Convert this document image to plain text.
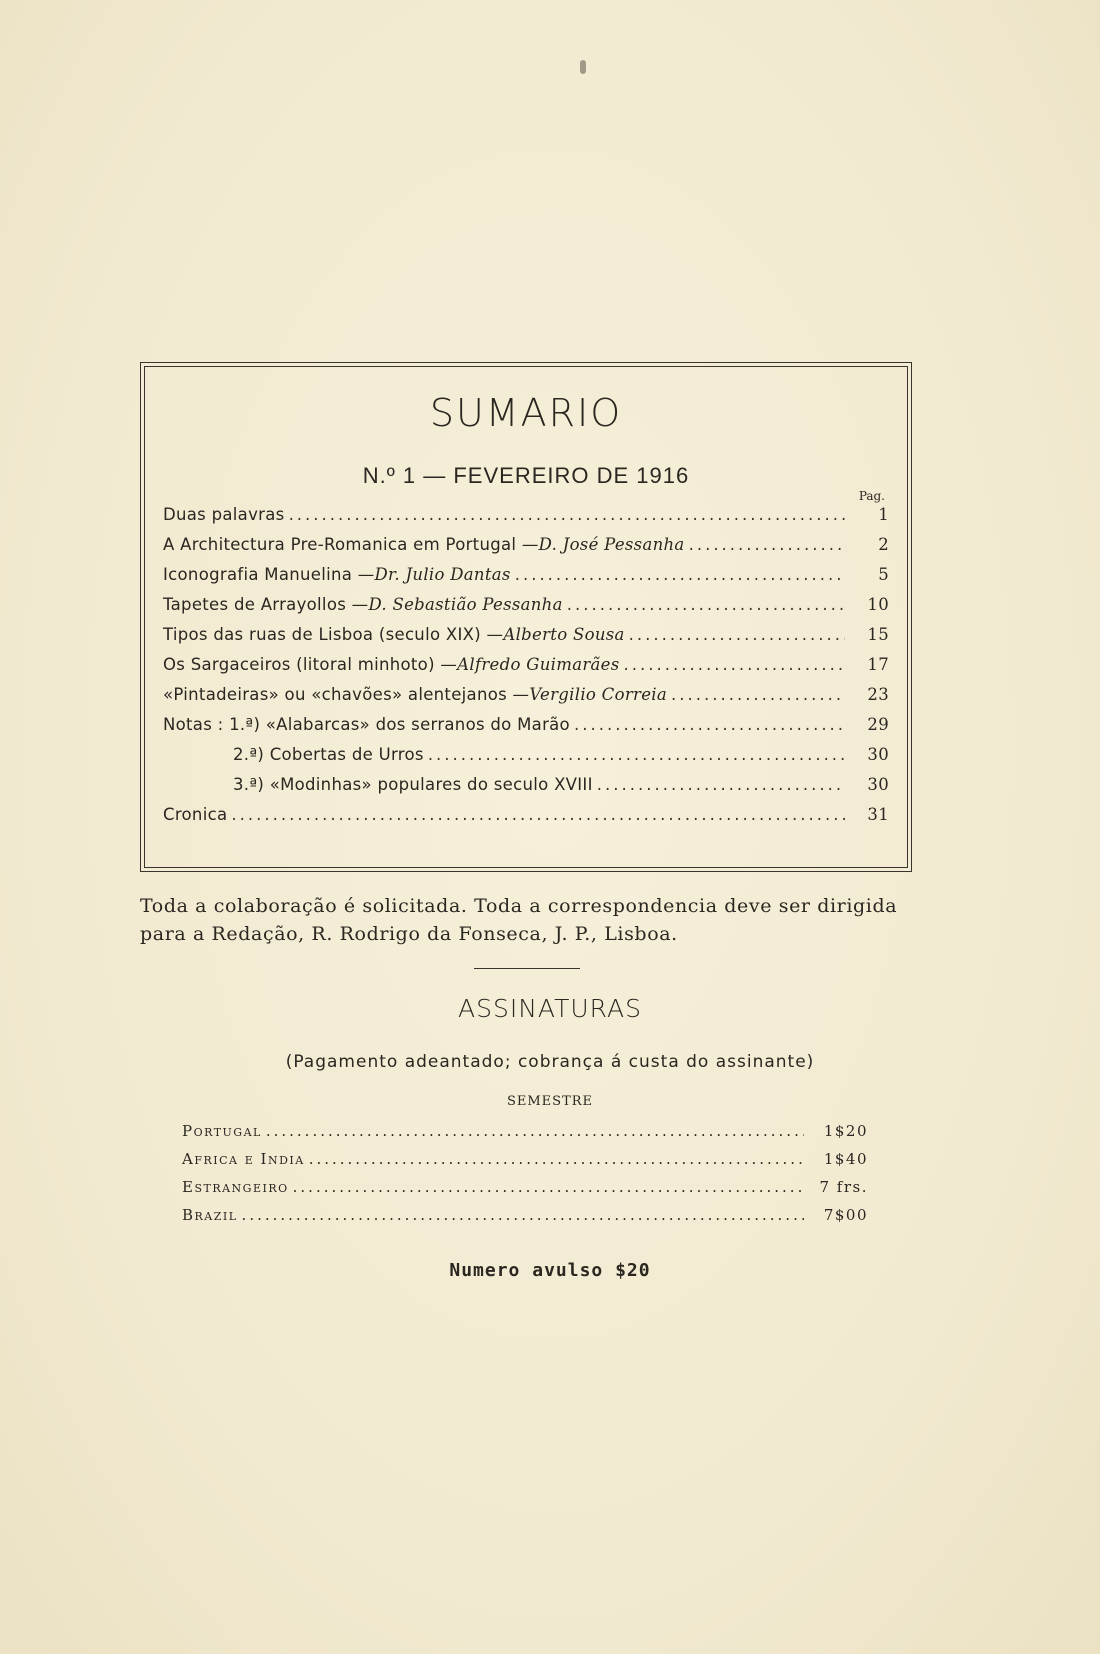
SUMARIO
N.º 1 — FEVEREIRO DE 1916
Pag.
Duas palavras .....	1
A Architectura Pre-Romanica em Portugal — D. José Pessanha .....	2
Iconografia Manuelina — Dr. Julio Dantas .....	5
Tapetes de Arrayollos — D. Sebastião Pessanha .....	10
Tipos das ruas de Lisboa (seculo XIX) — Alberto Sousa .....	15
Os Sargaceiros (litoral minhoto) — Alfredo Guimarães .....	17
«Pintadeiras» ou «chavões» alentejanos — Vergilio Correia .....	23
Notas : 1.ª) «Alabarcas» dos serranos do Marão .....	29
2.ª) Cobertas de Urros .....	30
3.ª) «Modinhas» populares do seculo XVIII .....	30
Cronica .....	31
Toda a colaboração é solicitada. Toda a correspondencia deve ser dirigida
para a Redação, R. Rodrigo da Fonseca, J. P., Lisboa.
ASSINATURAS
(Pagamento adeantado; cobrança á custa do assinante)
SEMESTRE
Portugal .....	1$20
Africa e India .....	1$40
Estrangeiro .....	7 frs.
Brazil .....	7$00
Numero avulso $20
